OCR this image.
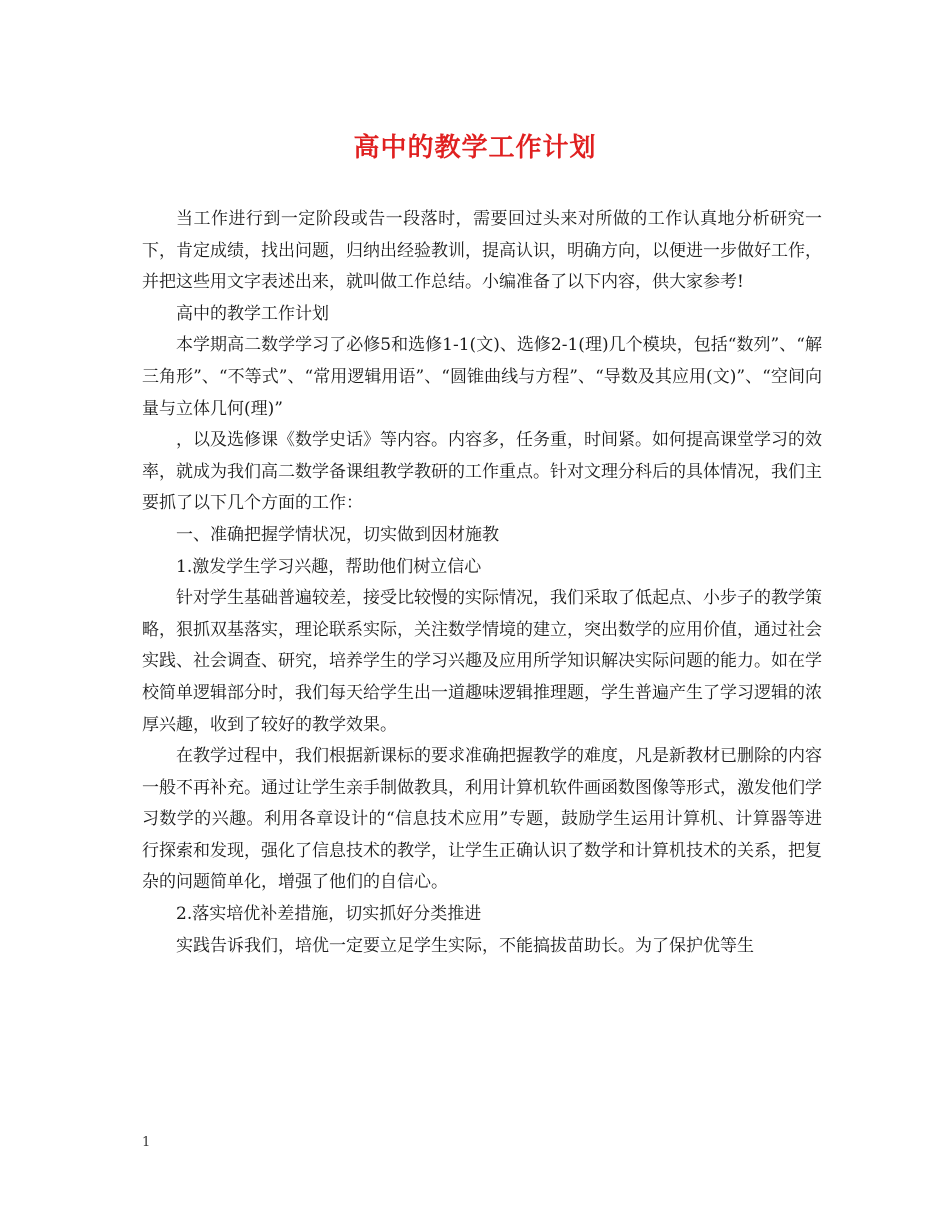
高中的教学工作计划

当工作进行到一定阶段或告一段落时，需要回过头来对所做的工作认真地分析研究一下，肯定成绩，找出问题，归纳出经验教训，提高认识，明确方向，以便进一步做好工作，并把这些用文字表述出来，就叫做工作总结。小编准备了以下内容，供大家参考!

高中的教学工作计划

本学期高二数学学习了必修5和选修1-1(文)、选修2-1(理)几个模块，包括“数列”、“解三角形”、“不等式”、“常用逻辑用语”、“圆锥曲线与方程”、“导数及其应用(文)”、“空间向量与立体几何(理)”

，以及选修课《数学史话》等内容。内容多，任务重，时间紧。如何提高课堂学习的效率，就成为我们高二数学备课组教学教研的工作重点。针对文理分科后的具体情况，我们主要抓了以下几个方面的工作：

一、准确把握学情状况，切实做到因材施教

1.激发学生学习兴趣，帮助他们树立信心

针对学生基础普遍较差，接受比较慢的实际情况，我们采取了低起点、小步子的教学策略，狠抓双基落实，理论联系实际，关注数学情境的建立，突出数学的应用价值，通过社会实践、社会调查、研究，培养学生的学习兴趣及应用所学知识解决实际问题的能力。如在学校简单逻辑部分时，我们每天给学生出一道趣味逻辑推理题，学生普遍产生了学习逻辑的浓厚兴趣，收到了较好的教学效果。

在教学过程中，我们根据新课标的要求准确把握教学的难度，凡是新教材已删除的内容一般不再补充。通过让学生亲手制做教具，利用计算机软件画函数图像等形式，激发他们学习数学的兴趣。利用各章设计的“信息技术应用”专题，鼓励学生运用计算机、计算器等进行探索和发现，强化了信息技术的教学，让学生正确认识了数学和计算机技术的关系，把复杂的问题简单化，增强了他们的自信心。

2.落实培优补差措施，切实抓好分类推进

实践告诉我们，培优一定要立足学生实际，不能搞拔苗助长。为了保护优等生

1
